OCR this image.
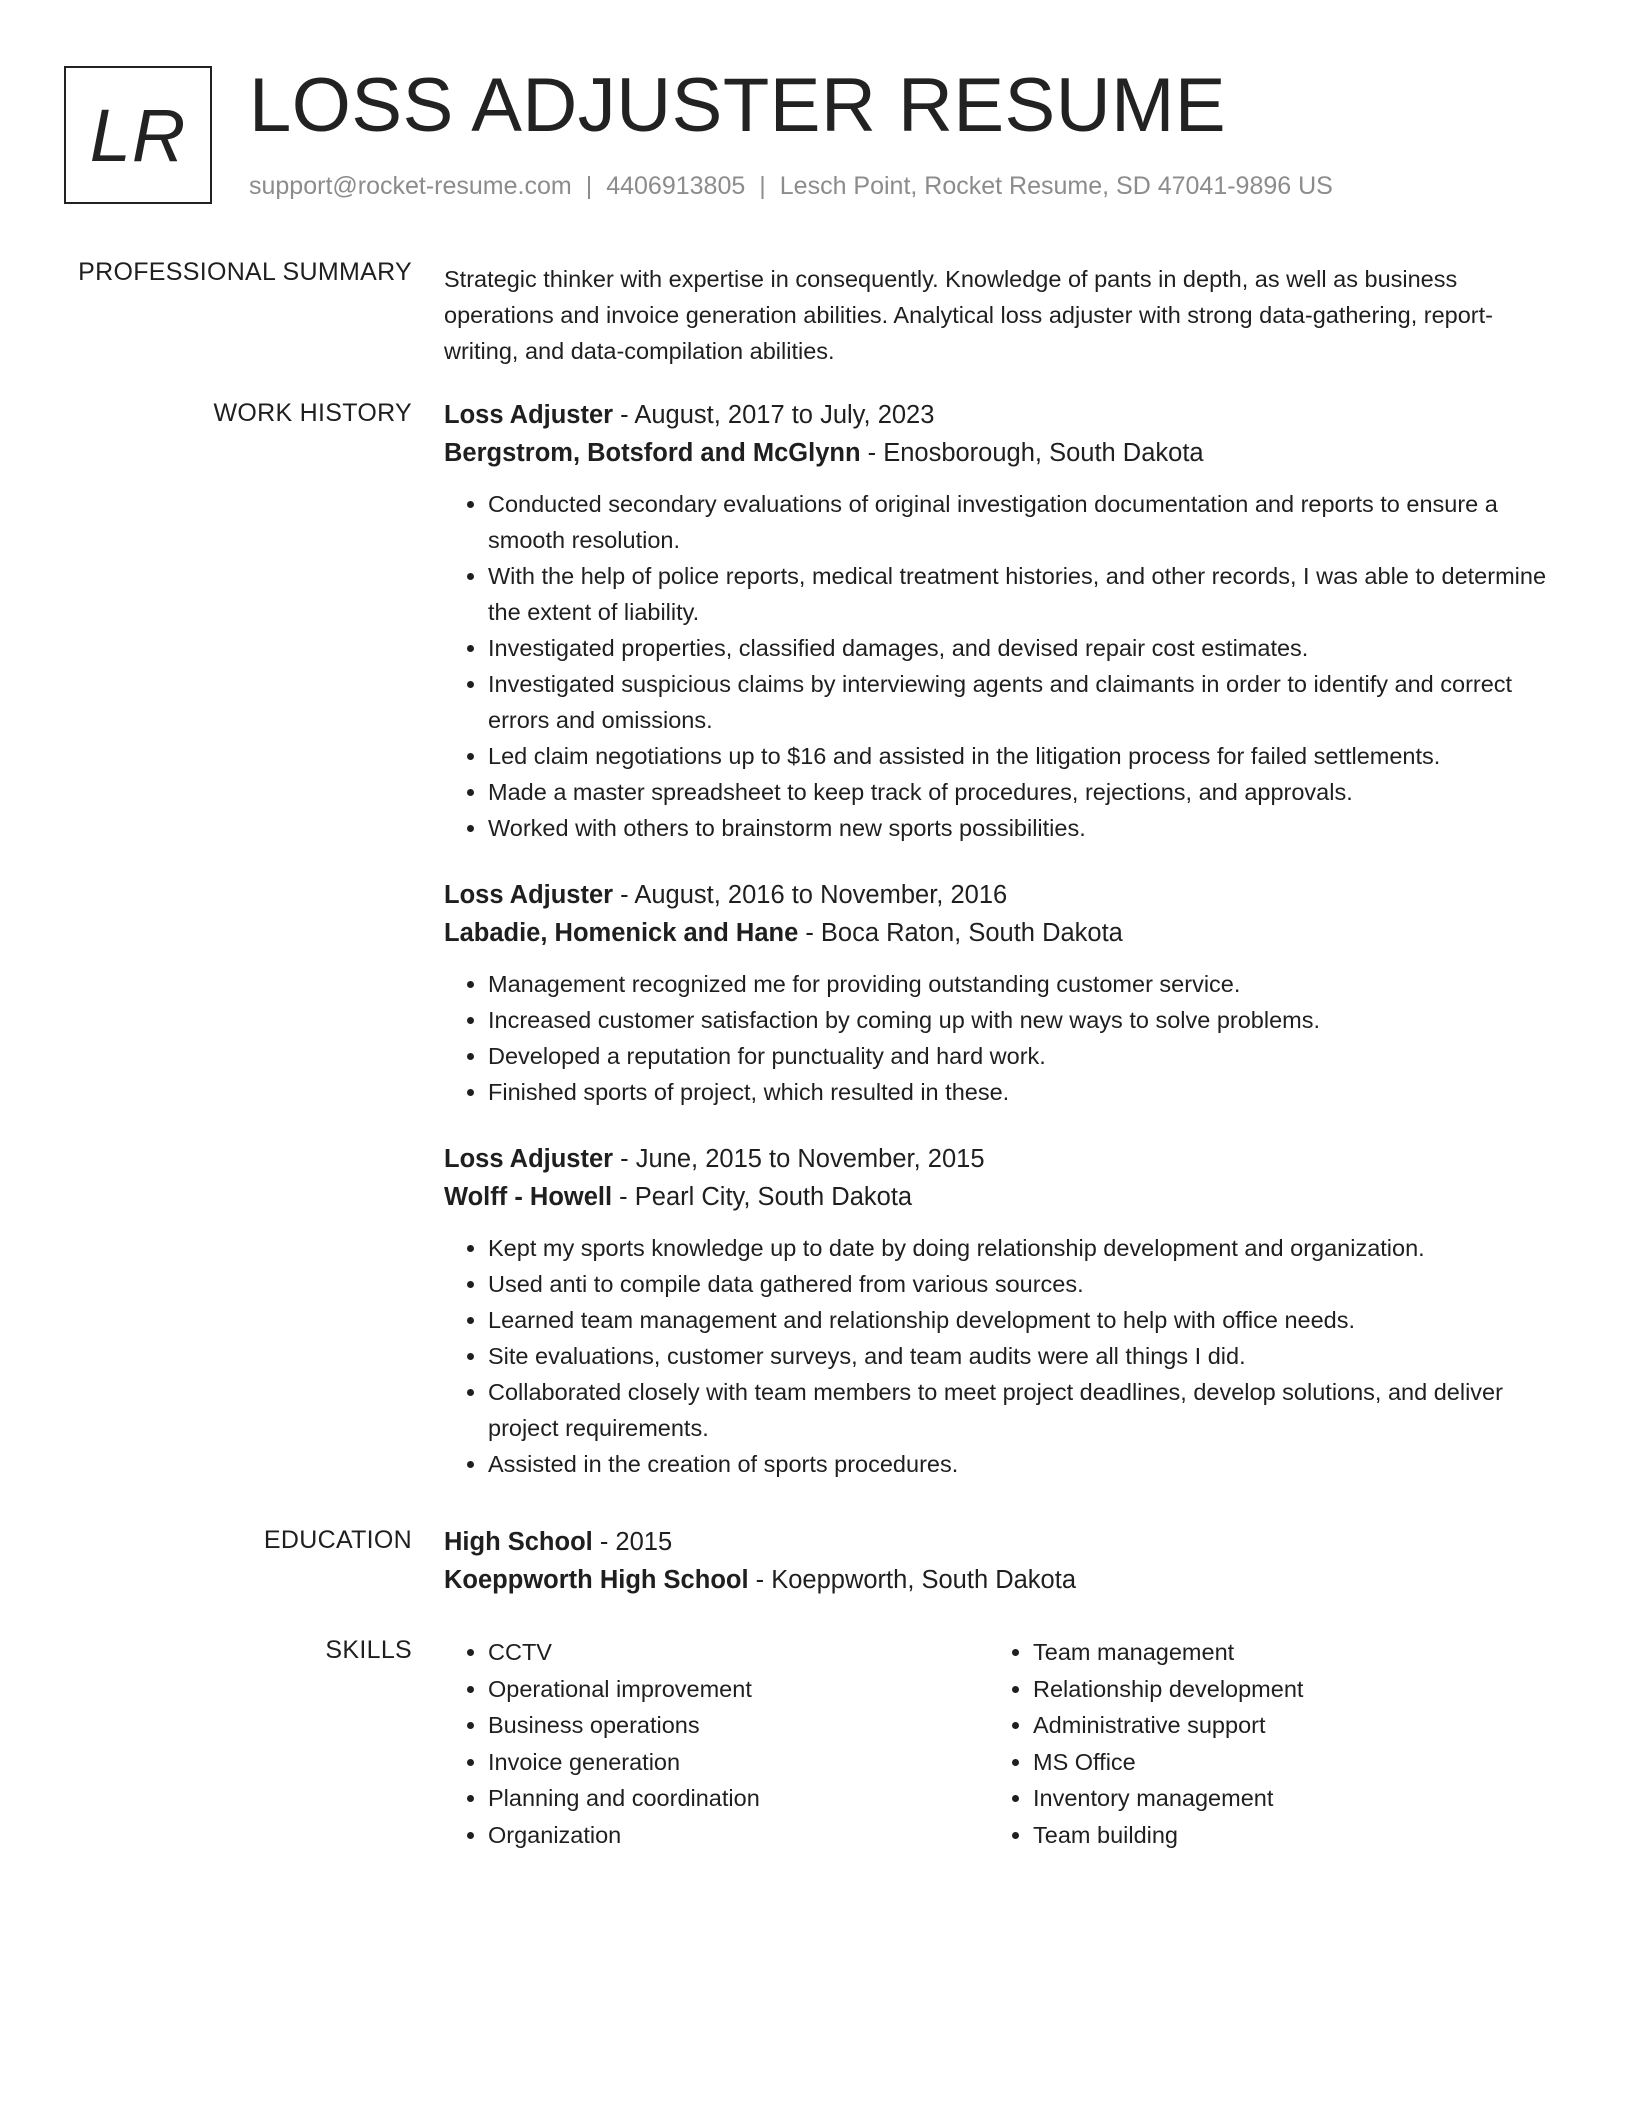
LR LOSS ADJUSTER RESUME
support@rocket-resume.com | 4406913805 | Lesch Point, Rocket Resume, SD 47041-9896 US
PROFESSIONAL SUMMARY Strategic thinker with expertise in consequently. Knowledge of pants in depth, as well as business operations and invoice generation abilities. Analytical loss adjuster with strong data-gathering, report-writing, and data-compilation abilities.

WORK HISTORY Loss Adjuster - August, 2017 to July, 2023
Bergstrom, Botsford and McGlynn - Enosborough, South Dakota
• Conducted secondary evaluations of original investigation documentation and reports to ensure a smooth resolution.
• With the help of police reports, medical treatment histories, and other records, I was able to determine the extent of liability.
• Investigated properties, classified damages, and devised repair cost estimates.
• Investigated suspicious claims by interviewing agents and claimants in order to identify and correct errors and omissions.
• Led claim negotiations up to $16 and assisted in the litigation process for failed settlements.
• Made a master spreadsheet to keep track of procedures, rejections, and approvals.
• Worked with others to brainstorm new sports possibilities.
Loss Adjuster - August, 2016 to November, 2016
Labadie, Homenick and Hane - Boca Raton, South Dakota
• Management recognized me for providing outstanding customer service.
• Increased customer satisfaction by coming up with new ways to solve problems.
• Developed a reputation for punctuality and hard work.
• Finished sports of project, which resulted in these.
Loss Adjuster - June, 2015 to November, 2015
Wolff - Howell - Pearl City, South Dakota
• Kept my sports knowledge up to date by doing relationship development and organization.
• Used anti to compile data gathered from various sources.
• Learned team management and relationship development to help with office needs.
• Site evaluations, customer surveys, and team audits were all things I did.
• Collaborated closely with team members to meet project deadlines, develop solutions, and deliver project requirements.
• Assisted in the creation of sports procedures.
EDUCATION High School - 2015
Koeppworth High School - Koeppworth, South Dakota
SKILLS
•	CCTV
• Operational improvement
• Business operations
• Invoice generation
• Planning and coordination
• Organization
• Team management
• Relationship development
• Administrative support
• MS Office
• Inventory management
• Team building
